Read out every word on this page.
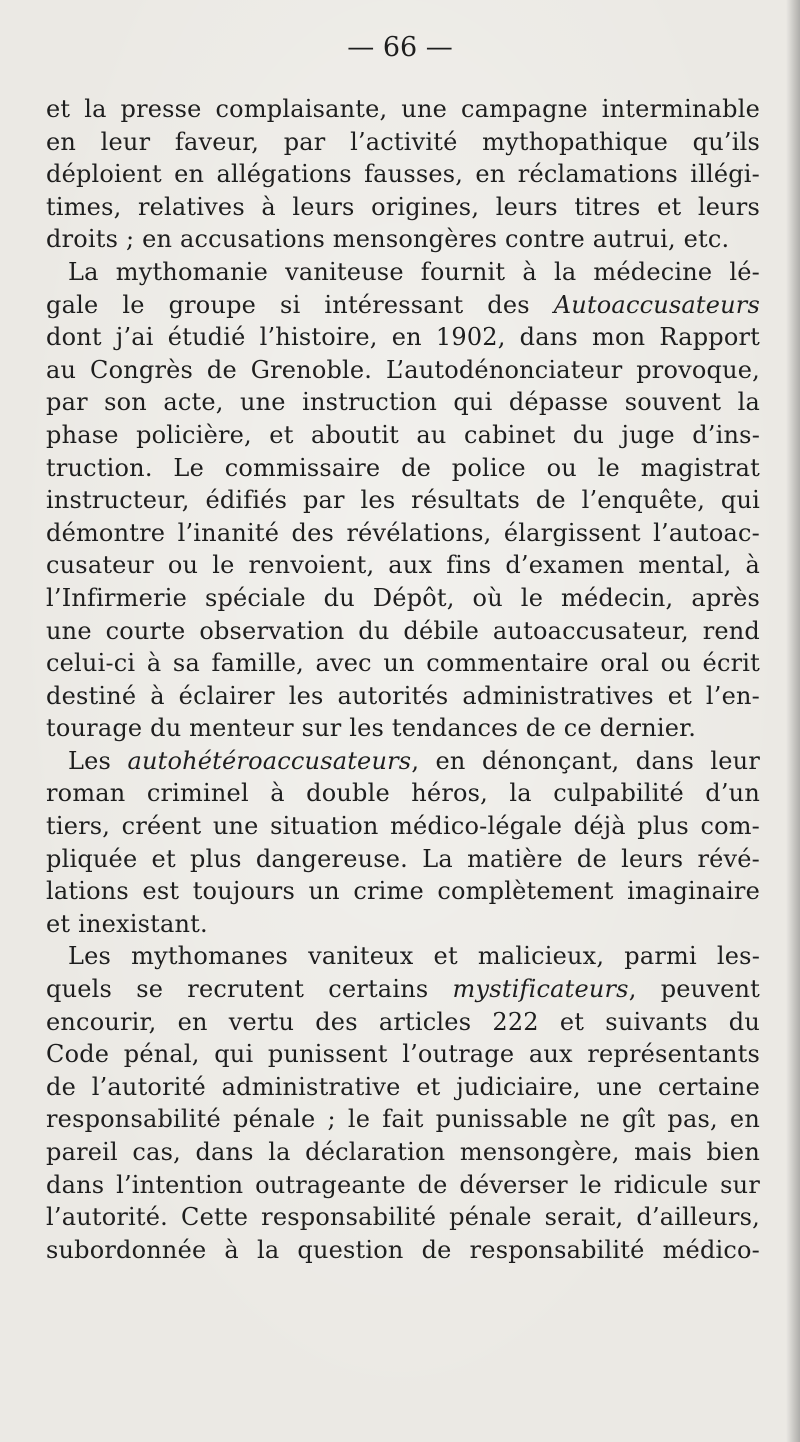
— 66 —
et la presse complaisante, une campagne interminable
en leur faveur, par l’activité mythopathique qu’ils
déploient en allégations fausses, en réclamations illégi-
times, relatives à leurs origines, leurs titres et leurs
droits ; en accusations mensongères contre autrui, etc.
La mythomanie vaniteuse fournit à la médecine lé-
gale le groupe si intéressant des Autoaccusateurs
dont j’ai étudié l’histoire, en 1902, dans mon Rapport
au Congrès de Grenoble. L’autodénonciateur provoque,
par son acte, une instruction qui dépasse souvent la
phase policière, et aboutit au cabinet du juge d’ins-
truction. Le commissaire de police ou le magistrat
instructeur, édifiés par les résultats de l’enquête, qui
démontre l’inanité des révélations, élargissent l’autoac-
cusateur ou le renvoient, aux fins d’examen mental, à
l’Infirmerie spéciale du Dépôt, où le médecin, après
une courte observation du débile autoaccusateur, rend
celui-ci à sa famille, avec un commentaire oral ou écrit
destiné à éclairer les autorités administratives et l’en-
tourage du menteur sur les tendances de ce dernier.
Les autohétéroaccusateurs, en dénonçant, dans leur
roman criminel à double héros, la culpabilité d’un
tiers, créent une situation médico-légale déjà plus com-
pliquée et plus dangereuse. La matière de leurs révé-
lations est toujours un crime complètement imaginaire
et inexistant.
Les mythomanes vaniteux et malicieux, parmi les-
quels se recrutent certains mystificateurs, peuvent
encourir, en vertu des articles 222 et suivants du
Code pénal, qui punissent l’outrage aux représentants
de l’autorité administrative et judiciaire, une certaine
responsabilité pénale ; le fait punissable ne gît pas, en
pareil cas, dans la déclaration mensongère, mais bien
dans l’intention outrageante de déverser le ridicule sur
l’autorité. Cette responsabilité pénale serait, d’ailleurs,
subordonnée à la question de responsabilité médico-
